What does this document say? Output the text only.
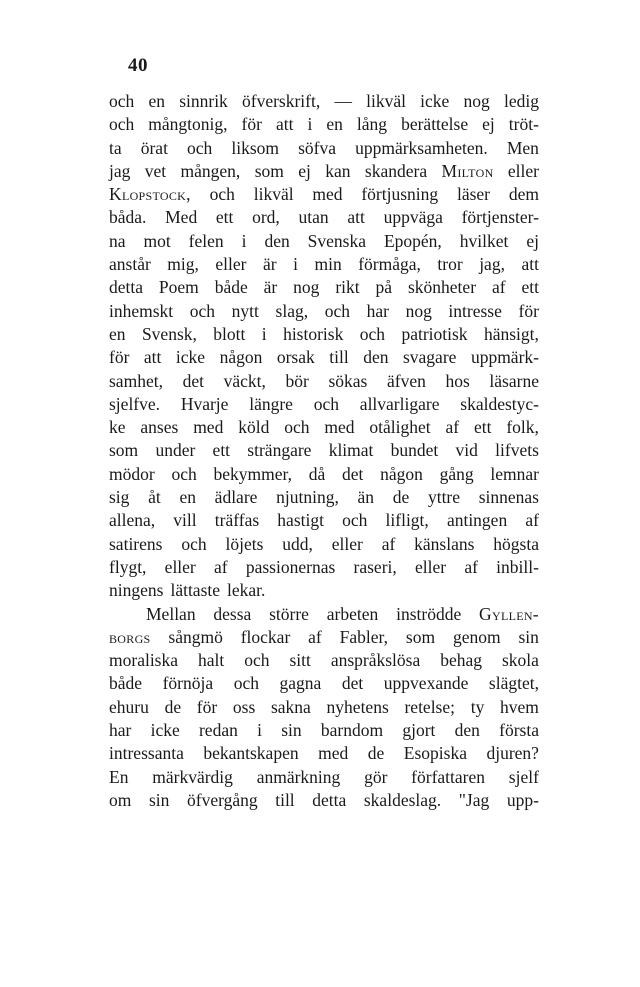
40
och en sinnrik öfverskrift, — likväl icke nog ledig
och mångtonig, för att i en lång berättelse ej tröt-
ta örat och liksom söfva uppmärksamheten. Men
jag vet mången, som ej kan skandera Milton eller
Klopstock, och likväl med förtjusning läser dem
båda. Med ett ord, utan att uppväga förtjenster-
na mot felen i den Svenska Epopén, hvilket ej
anstår mig, eller är i min förmåga, tror jag, att
detta Poem både är nog rikt på skönheter af ett
inhemskt och nytt slag, och har nog intresse för
en Svensk, blott i historisk och patriotisk hänsigt,
för att icke någon orsak till den svagare uppmärk-
samhet, det väckt, bör sökas äfven hos läsarne
sjelfve. Hvarje längre och allvarligare skaldestyc-
ke anses med köld och med otålighet af ett folk,
som under ett strängare klimat bundet vid lifvets
mödor och bekymmer, då det någon gång lemnar
sig åt en ädlare njutning, än de yttre sinnenas
allena, vill träffas hastigt och lifligt, antingen af
satirens och löjets udd, eller af känslans högsta
flygt, eller af passionernas raseri, eller af inbill-
ningens lättaste lekar.
Mellan dessa större arbeten inströdde Gyllen-
borgs sångmö flockar af Fabler, som genom sin
moraliska halt och sitt anspråkslösa behag skola
både förnöja och gagna det uppvexande slägtet,
ehuru de för oss sakna nyhetens retelse; ty hvem
har icke redan i sin barndom gjort den första
intressanta bekantskapen med de Esopiska djuren?
En märkvärdig anmärkning gör författaren sjelf
om sin öfvergång till detta skaldeslag. "Jag upp-
